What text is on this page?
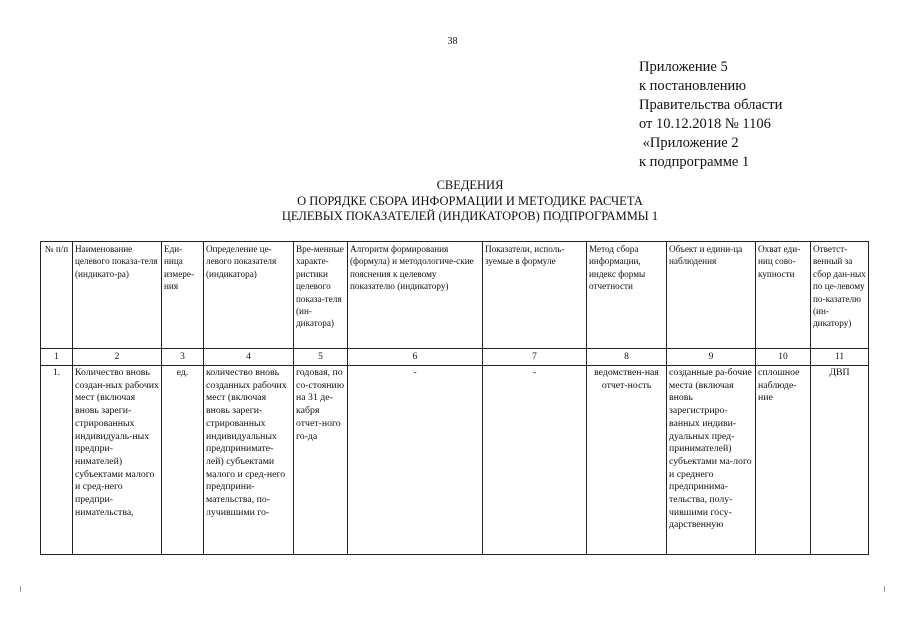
38
Приложение 5
к постановлению
Правительства области
от 10.12.2018 № 1106
«Приложение 2
к подпрограмме 1
СВЕДЕНИЯ
О ПОРЯДКЕ СБОРА ИНФОРМАЦИИ И МЕТОДИКЕ РАСЧЕТА
ЦЕЛЕВЫХ ПОКАЗАТЕЛЕЙ (ИНДИКАТОРОВ) ПОДПРОГРАММЫ 1
№ п/п	Наименование целевого показа-теля (индикато-ра)	Еди-ница измере-ния	Определение це-левого показателя (индикатора)	Вре-менные характе-ристики целевого показа-теля (ин-дикатора)	Алгоритм формирования (формула) и методологиче-ские пояснения к целевому показателю (индикатору)	Показатели, исполь-зуемые в формуле	Метод сбора информации, индекс формы отчетности	Объект и едини-ца наблюдения	Охват еди-ниц сово-купности	Ответст-венный за сбор дан-ных по це-левому по-казателю (ин-дикатору)
1	2	3	4	5	6	7	8	9	10	11
1.	Количество вновь создан-ных рабочих мест (включая вновь зареги-стрированных индивидуаль-ных предпри-нимателей) субъектами малого и сред-него предпри-нимательства,	ед.	количество вновь созданных рабочих мест (включая вновь зареги-стрированных индивидуальных предпринимате-лей) субъектами малого и сред-него предприни-мательства, по-лучившими го-	годовая, по со-стоянию на 31 де-кабря отчет-ного го-да	-	-	ведомствен-ная отчет-ность	созданные ра-бочие места (включая вновь зарегистриро-ванных индиви-дуальных пред-принимателей) субъектами ма-лого и среднего предпринима-тельства, полу-чившими госу-дарственную	сплошное наблюде-ние	ДВП
